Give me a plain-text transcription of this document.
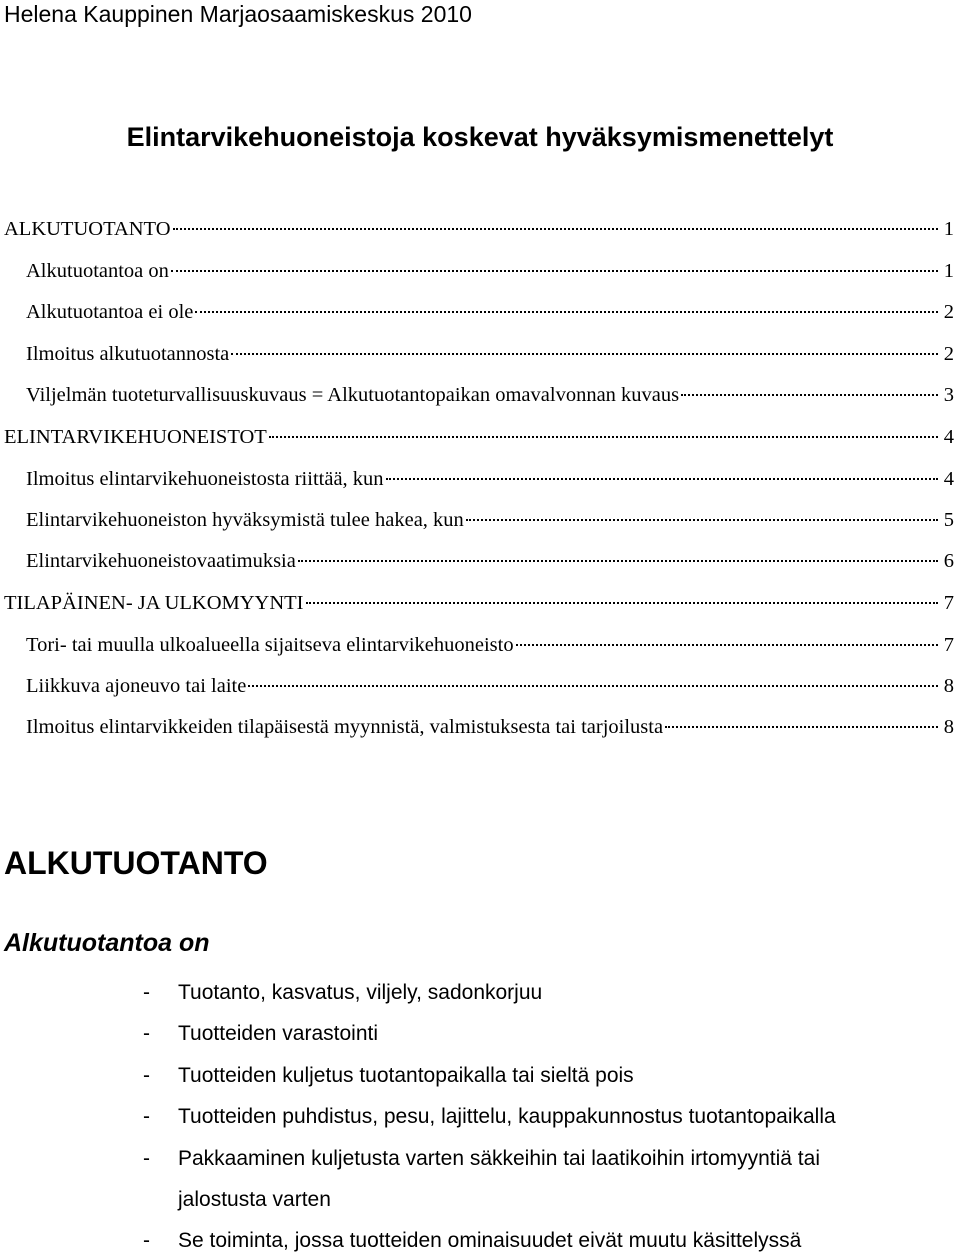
Helena Kauppinen Marjaosaamiskeskus 2010
Elintarvikehuoneistoja koskevat hyväksymismenettelyt
ALKUTUOTANTO	1
Alkutuotantoa on	1
Alkutuotantoa ei ole	2
Ilmoitus alkutuotannosta	2
Viljelmän tuoteturvallisuuskuvaus = Alkutuotantopaikan omavalvonnan kuvaus	3
ELINTARVIKEHUONEISTOT	4
Ilmoitus elintarvikehuoneistosta riittää, kun	4
Elintarvikehuoneiston hyväksymistä tulee hakea, kun	5
Elintarvikehuoneistovaatimuksia	6
TILAPÄINEN- JA ULKOMYYNTI	7
Tori- tai muulla ulkoalueella sijaitseva elintarvikehuoneisto	7
Liikkuva ajoneuvo tai laite	8
Ilmoitus elintarvikkeiden tilapäisestä myynnistä, valmistuksesta tai tarjoilusta	8
ALKUTUOTANTO
Alkutuotantoa on
- Tuotanto, kasvatus, viljely, sadonkorjuu
- Tuotteiden varastointi
- Tuotteiden kuljetus tuotantopaikalla tai sieltä pois
- Tuotteiden puhdistus, pesu, lajittelu, kauppakunnostus tuotantopaikalla
- Pakkaaminen kuljetusta varten säkkeihin tai laatikoihin irtomyyntiä tai
jalostusta varten
- Se toiminta, jossa tuotteiden ominaisuudet eivät muutu käsittelyssä
